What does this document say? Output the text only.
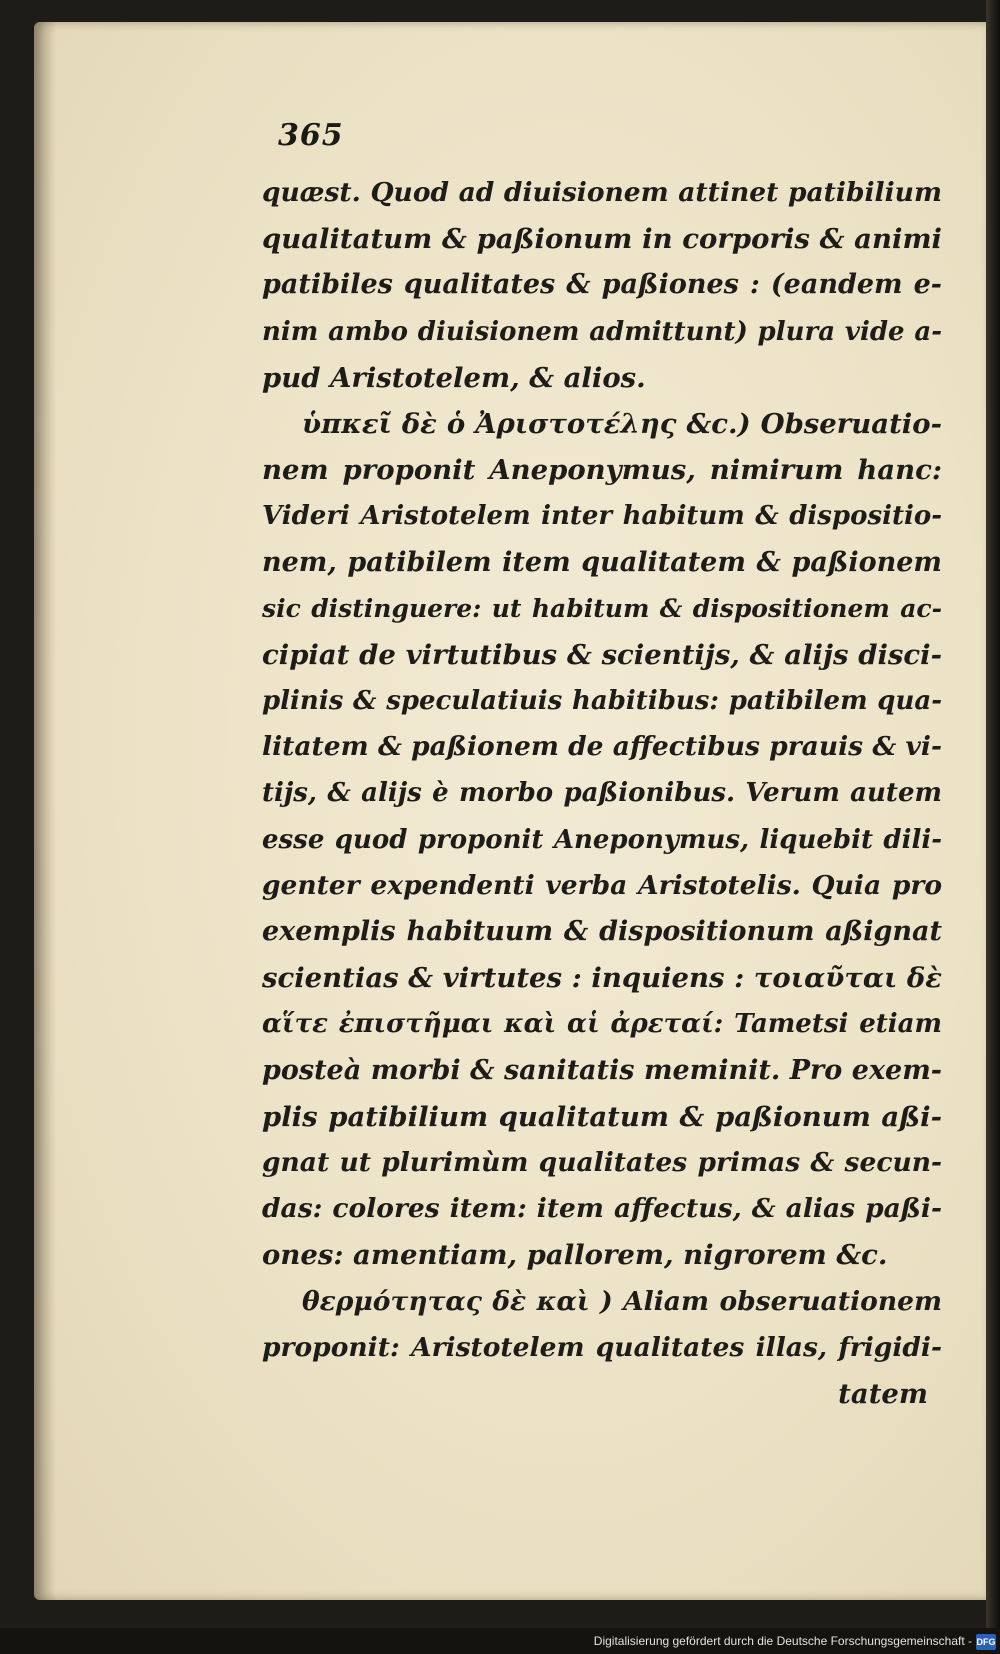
365
quæst. Quod ad diuisionem attinet patibilium
qualitatum & paßionum in corporis & animi
patibiles qualitates & paßiones : (eandem e-
nim ambo diuisionem admittunt) plura vide a-
pud Aristotelem, & alios.
ὑπκεῖ δὲ ὁ Ἀριστοτέλης &c.) Obseruatio-
nem proponit Aneponymus, nimirum hanc:
Videri Aristotelem inter habitum & dispositio-
nem, patibilem item qualitatem & paßionem
sic distinguere: ut habitum & dispositionem ac-
cipiat de virtutibus & scientijs, & alijs disci-
plinis & speculatiuis habitibus: patibilem qua-
litatem & paßionem de affectibus prauis & vi-
tijs, & alijs è morbo paßionibus. Verum autem
esse quod proponit Aneponymus, liquebit dili-
genter expendenti verba Aristotelis. Quia pro
exemplis habituum & dispositionum aßignat
scientias & virtutes : inquiens : τοιαῦται δὲ
αἵτε ἐπιστῆμαι καὶ αἱ ἀρεταί: Tametsi etiam
posteà morbi & sanitatis meminit. Pro exem-
plis patibilium qualitatum & paßionum aßi-
gnat ut plurimùm qualitates primas & secun-
das: colores item: item affectus, & alias paßi-
ones: amentiam, pallorem, nigrorem &c.
θερμότητας δὲ καὶ ) Aliam obseruationem
proponit: Aristotelem qualitates illas, frigidi-
tatem
Digitalisierung gefördert durch die Deutsche Forschungsgemeinschaft - DFG
